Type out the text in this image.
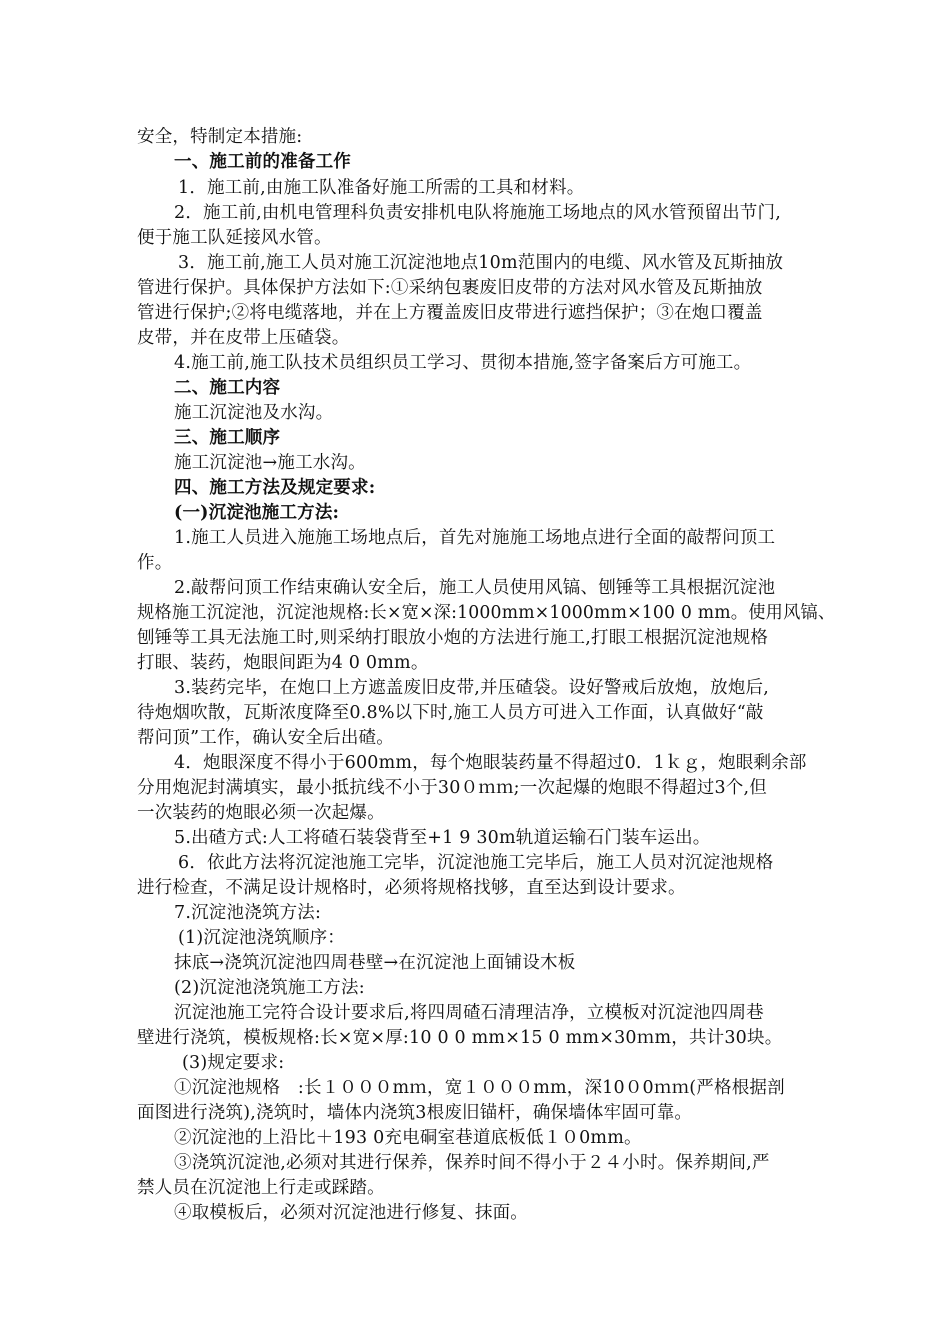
安全，特制定本措施:
一、施工前的准备工作
1．施工前,由施工队准备好施工所需的工具和材料。
2．施工前,由机电管理科负责安排机电队将施施工场地点的风水管预留出节门,
便于施工队延接风水管。
3．施工前,施工人员对施工沉淀池地点10m范围内的电缆、风水管及瓦斯抽放
管进行保护。具体保护方法如下:①采纳包裹废旧皮带的方法对风水管及瓦斯抽放
管进行保护;②将电缆落地，并在上方覆盖废旧皮带进行遮挡保护；③在炮口覆盖
皮带，并在皮带上压碴袋。
4.施工前,施工队技术员组织员工学习、贯彻本措施,签字备案后方可施工。
二、施工内容
施工沉淀池及水沟。
三、施工顺序
施工沉淀池→施工水沟。
四、施工方法及规定要求:
(一)沉淀池施工方法:
1.施工人员进入施施工场地点后，首先对施施工场地点进行全面的敲帮问顶工
作。
2.敲帮问顶工作结束确认安全后，施工人员使用风镐、刨锤等工具根据沉淀池
规格施工沉淀池，沉淀池规格:长×宽×深:1000mm×1000mm×100 0 mm。使用风镐、
刨锤等工具无法施工时,则采纳打眼放小炮的方法进行施工,打眼工根据沉淀池规格
打眼、装药，炮眼间距为4 0 0mm。
3.装药完毕，在炮口上方遮盖废旧皮带,并压碴袋。设好警戒后放炮，放炮后,
待炮烟吹散，瓦斯浓度降至0.8%以下时,施工人员方可进入工作面，认真做好“敲
帮问顶”工作，确认安全后出碴。
4．炮眼深度不得小于600mm，每个炮眼装药量不得超过0．1ｋｇ，炮眼剩余部
分用炮泥封满填实，最小抵抗线不小于30０ｍｍ;一次起爆的炮眼不得超过3个,但
一次装药的炮眼必须一次起爆。
5.出碴方式:人工将碴石装袋背至+1 9 30m轨道运输石门装车运出。
6．依此方法将沉淀池施工完毕，沉淀池施工完毕后，施工人员对沉淀池规格
进行检查，不满足设计规格时，必须将规格找够，直至达到设计要求。
7.沉淀池浇筑方法:
(1)沉淀池浇筑顺序：
抹底→浇筑沉淀池四周巷壁→在沉淀池上面铺设木板
(2)沉淀池浇筑施工方法:
沉淀池施工完符合设计要求后,将四周碴石清理洁净，立模板对沉淀池四周巷
壁进行浇筑，模板规格:长×宽×厚:10 0 0 mm×15 0 mm×30ｍm，共计30块。
(3)规定要求:
①沉淀池规格　:长１０００mｍ，宽１０００mm，深10０0ｍｍ(严格根据剖
面图进行浇筑),浇筑时，墙体内浇筑3根废旧锚杆，确保墙体牢固可靠。
②沉淀池的上沿比＋193 0充电硐室巷道底板低１０0mm。
③浇筑沉淀池,必须对其进行保养，保养时间不得小于２４小时。保养期间,严
禁人员在沉淀池上行走或踩踏。
④取模板后，必须对沉淀池进行修复、抹面。
